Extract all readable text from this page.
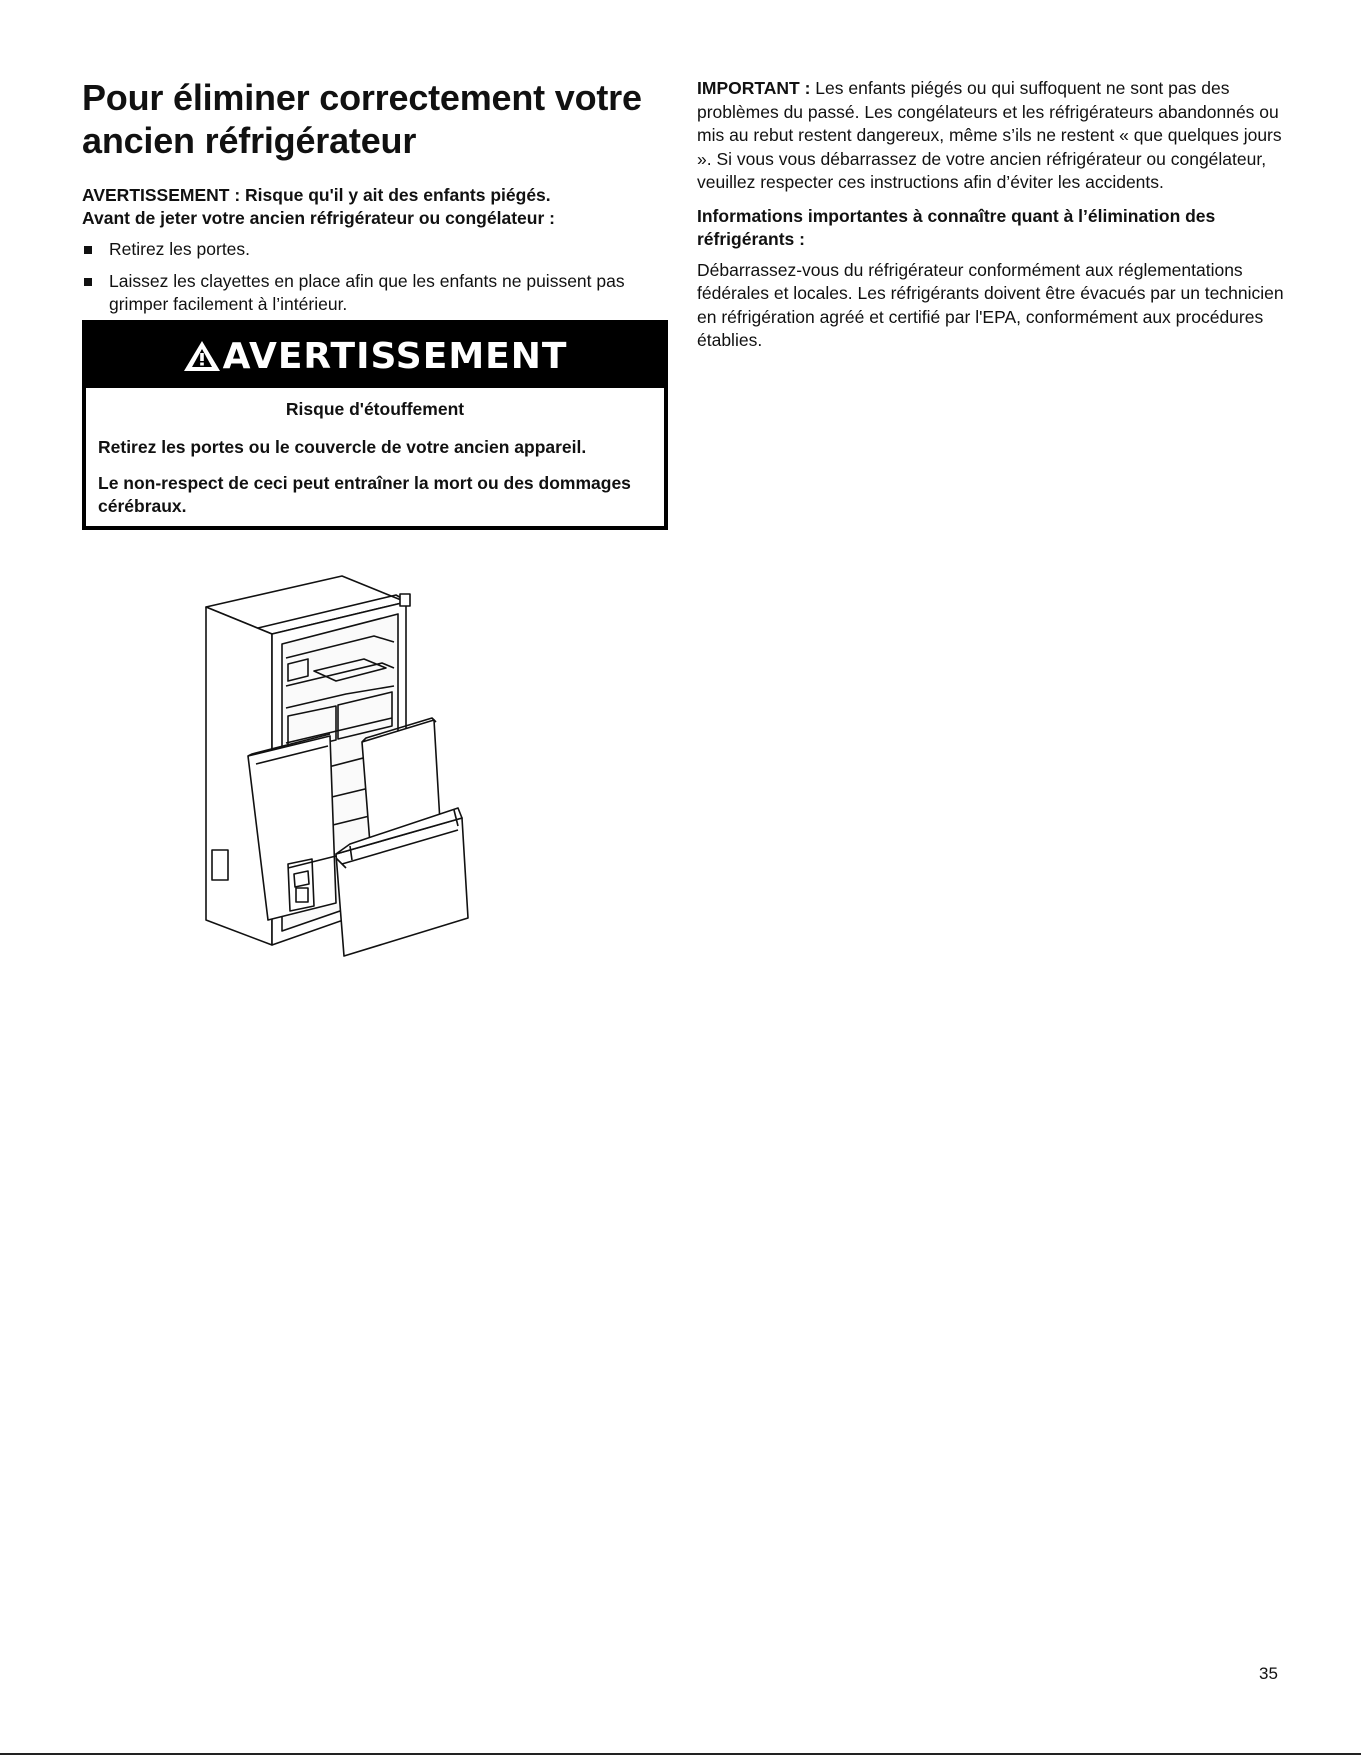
Pour éliminer correctement votre ancien réfrigérateur

AVERTISSEMENT : Risque qu'il y ait des enfants piégés.
Avant de jeter votre ancien réfrigérateur ou congélateur :

Retirez les portes.
Laissez les clayettes en place afin que les enfants ne puissent pas grimper facilement à l’intérieur.
AVERTISSEMENT

Risque d'étouffement

Retirez les portes ou le couvercle de votre ancien appareil.

Le non-respect de ceci peut entraîner la mort ou des dommages cérébraux.

IMPORTANT : Les enfants piégés ou qui suffoquent ne sont pas des problèmes du passé. Les congélateurs et les réfrigérateurs abandonnés ou mis au rebut restent dangereux, même s’ils ne restent « que quelques jours ». Si vous vous débarrassez de votre ancien réfrigérateur ou congélateur, veuillez respecter ces instructions afin d’éviter les accidents.

Informations importantes à connaître quant à l’élimination des réfrigérants :

Débarrassez-vous du réfrigérateur conformément aux réglementations fédérales et locales. Les réfrigérants doivent être évacués par un technicien en réfrigération agréé et certifié par l'EPA, conformément aux procédures établies.

35
